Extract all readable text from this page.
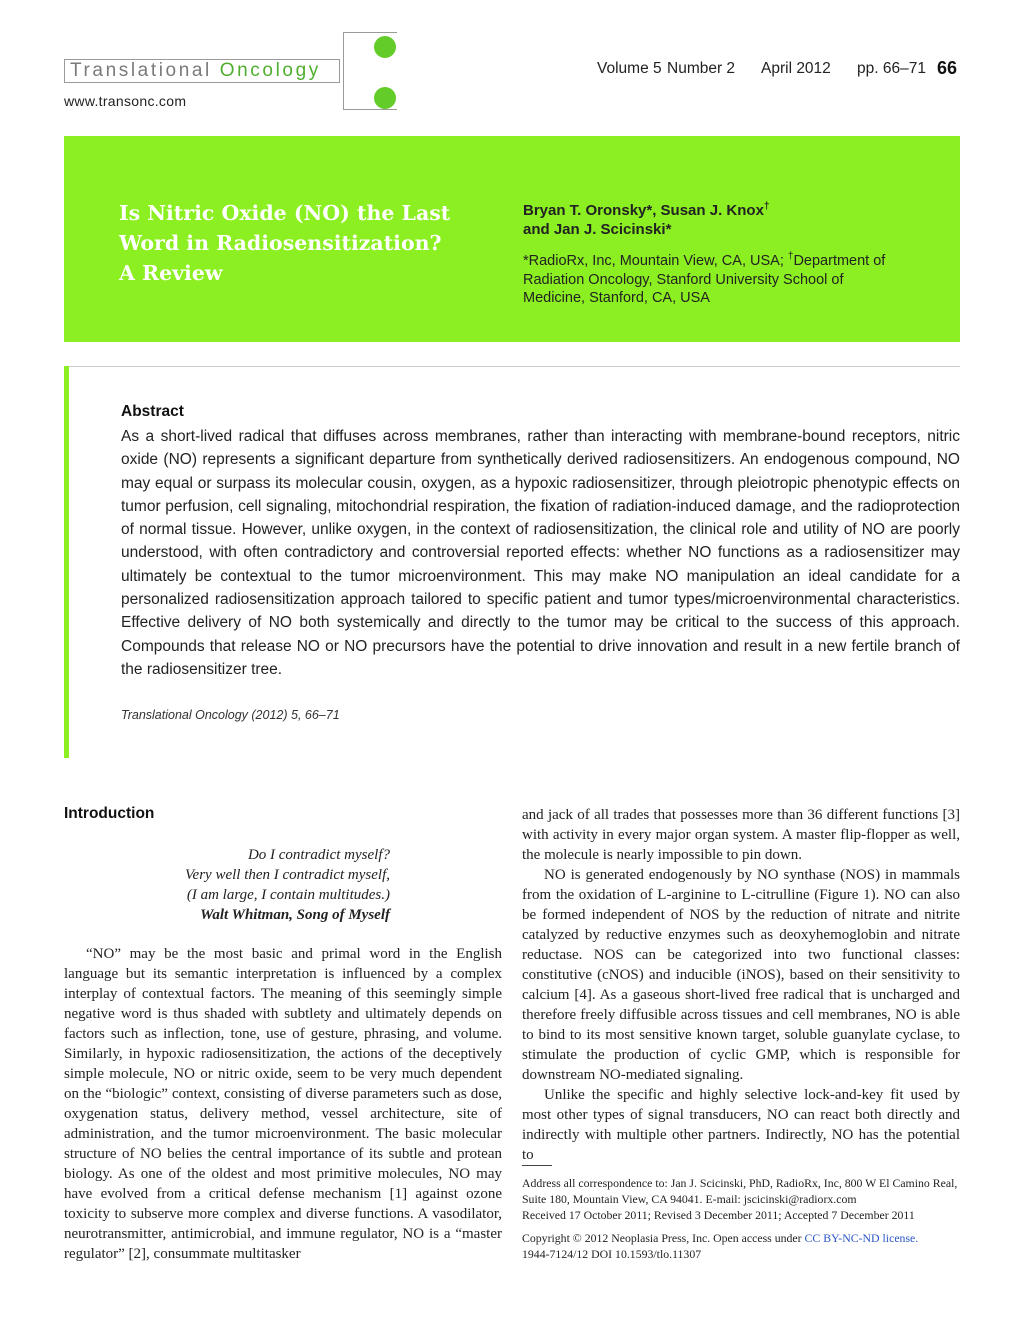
Translational Oncology
www.transonc.com
Volume 5 Number 2 April 2012 pp. 66–71 66
Is Nitric Oxide (NO) the Last
Word in Radiosensitization?
A Review
Bryan T. Oronsky*, Susan J. Knox†
and Jan J. Scicinski*
*RadioRx, Inc, Mountain View, CA, USA; †Department of Radiation Oncology, Stanford University School of Medicine, Stanford, CA, USA
Abstract
As a short-lived radical that diffuses across membranes, rather than interacting with membrane-bound receptors, nitric oxide (NO) represents a significant departure from synthetically derived radiosensitizers. An endogenous compound, NO may equal or surpass its molecular cousin, oxygen, as a hypoxic radiosensitizer, through pleiotropic phenotypic effects on tumor perfusion, cell signaling, mitochondrial respiration, the fixation of radiation-induced damage, and the radioprotection of normal tissue. However, unlike oxygen, in the context of radiosensitization, the clinical role and utility of NO are poorly understood, with often contradictory and controversial reported effects: whether NO functions as a radiosensitizer may ultimately be contextual to the tumor microenvironment. This may make NO manipulation an ideal candidate for a personalized radiosensitization approach tailored to specific patient and tumor types/microenvironmental characteristics. Effective delivery of NO both systemically and directly to the tumor may be critical to the success of this approach. Compounds that release NO or NO precursors have the potential to drive innovation and result in a new fertile branch of the radiosensitizer tree.
Translational Oncology (2012) 5, 66–71
Introduction
Do I contradict myself?
Very well then I contradict myself,
(I am large, I contain multitudes.)
Walt Whitman, Song of Myself

“NO” may be the most basic and primal word in the English language but its semantic interpretation is influenced by a complex interplay of contextual factors. The meaning of this seemingly simple negative word is thus shaded with subtlety and ultimately depends on factors such as inflection, tone, use of gesture, phrasing, and volume. Similarly, in hypoxic radiosensitization, the actions of the deceptively simple molecule, NO or nitric oxide, seem to be very much dependent on the “biologic” context, consisting of diverse parameters such as dose, oxygenation status, delivery method, vessel architecture, site of administration, and the tumor microenvironment. The basic molecular structure of NO belies the central importance of its subtle and protean biology. As one of the oldest and most primitive molecules, NO may have evolved from a critical defense mechanism [1] against ozone toxicity to subserve more complex and diverse functions. A vasodilator, neurotransmitter, antimicrobial, and immune regulator, NO is a “master regulator” [2], consummate multitasker

and jack of all trades that possesses more than 36 different functions [3] with activity in every major organ system. A master flip-flopper as well, the molecule is nearly impossible to pin down.

NO is generated endogenously by NO synthase (NOS) in mammals from the oxidation of L-arginine to L-citrulline (Figure 1). NO can also be formed independent of NOS by the reduction of nitrate and nitrite catalyzed by reductive enzymes such as deoxyhemoglobin and nitrate reductase. NOS can be categorized into two functional classes: constitutive (cNOS) and inducible (iNOS), based on their sensitivity to calcium [4]. As a gaseous short-lived free radical that is uncharged and therefore freely diffusible across tissues and cell membranes, NO is able to bind to its most sensitive known target, soluble guanylate cyclase, to stimulate the production of cyclic GMP, which is responsible for downstream NO-mediated signaling.

Unlike the specific and highly selective lock-and-key fit used by most other types of signal transducers, NO can react both directly and indirectly with multiple other partners. Indirectly, NO has the potential to

Address all correspondence to: Jan J. Scicinski, PhD, RadioRx, Inc, 800 W El Camino Real, Suite 180, Mountain View, CA 94041. E-mail: jscicinski@radiorx.com
Received 17 October 2011; Revised 3 December 2011; Accepted 7 December 2011
Copyright © 2012 Neoplasia Press, Inc. Open access under CC BY-NC-ND license.
1944-7124/12 DOI 10.1593/tlo.11307
